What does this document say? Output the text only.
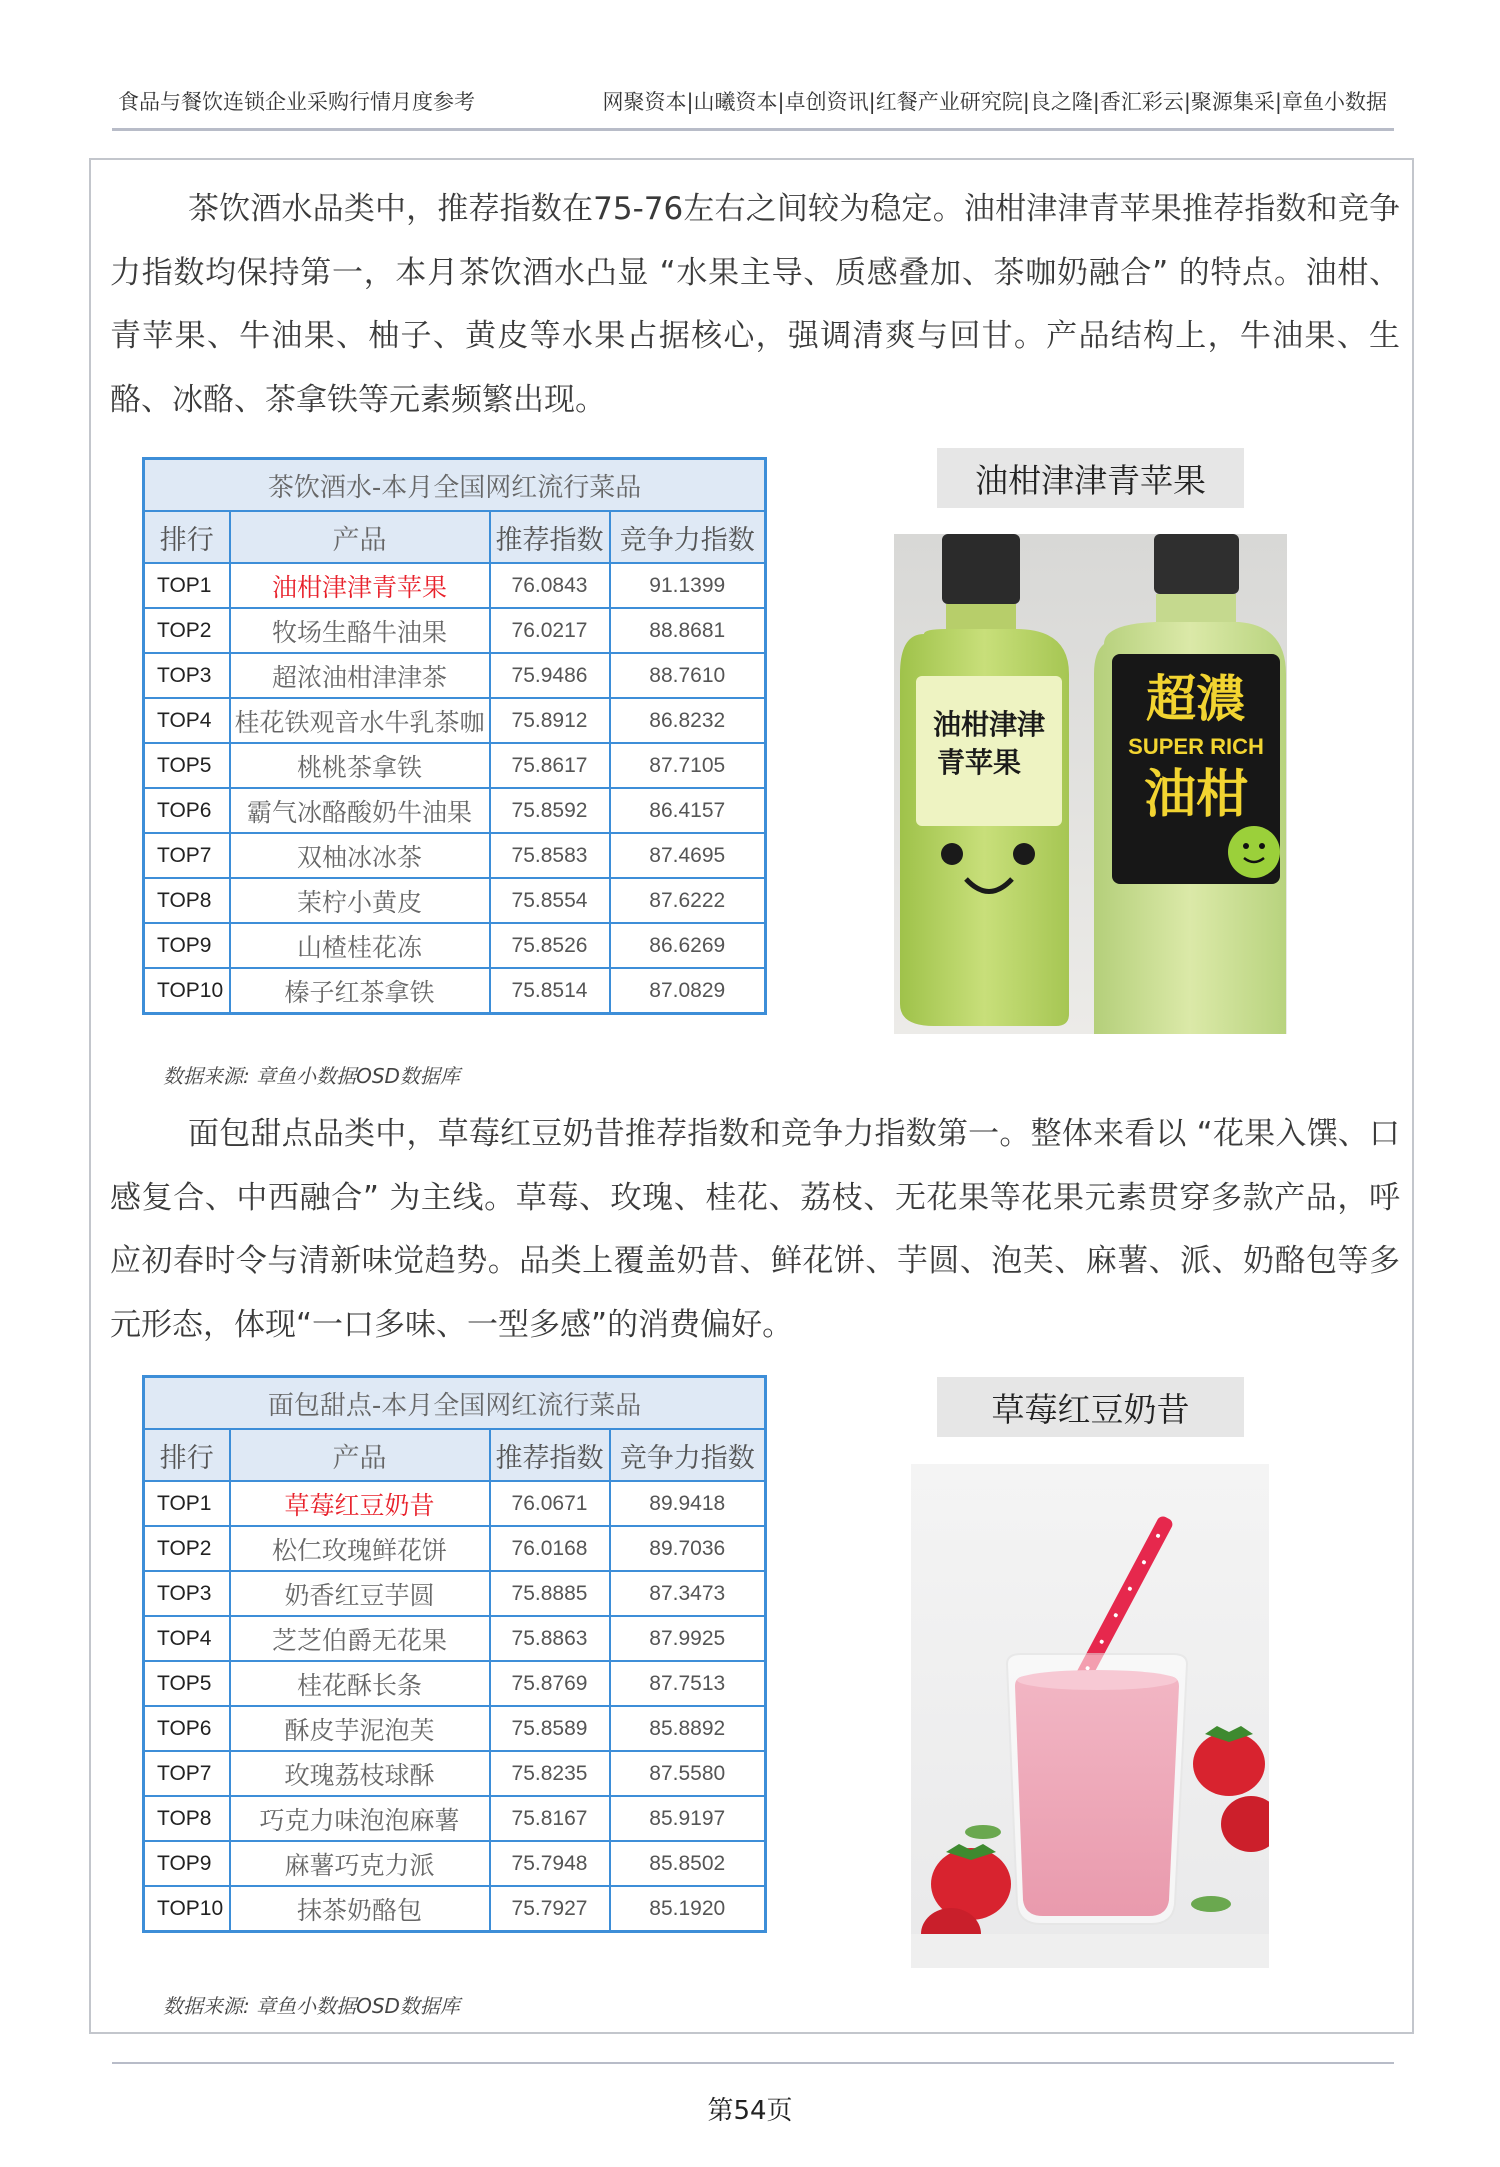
食品与餐饮连锁企业采购行情月度参考	网聚资本|山曦资本|卓创资讯|红餐产业研究院|良之隆|香汇彩云|聚源集采|章鱼小数据

茶饮酒水品类中，推荐指数在75-76左右之间较为稳定。油柑津津青苹果推荐指数和竞争力指数均保持第一，本月茶饮酒水凸显 “水果主导、质感叠加、茶咖奶融合” 的特点。油柑、青苹果、牛油果、柚子、黄皮等水果占据核心，强调清爽与回甘。产品结构上，牛油果、生酪、冰酪、茶拿铁等元素频繁出现。

茶饮酒水-本月全国网红流行菜品			
排行	产品	推荐指数	竞争力指数
TOP1	油柑津津青苹果	76.0843	91.1399
TOP2	牧场生酪牛油果	76.0217	88.8681
TOP3	超浓油柑津津茶	75.9486	88.7610
TOP4	桂花铁观音水牛乳茶咖	75.8912	86.8232
TOP5	桃桃茶拿铁	75.8617	87.7105
TOP6	霸气冰酪酸奶牛油果	75.8592	86.4157
TOP7	双柚冰冰茶	75.8583	87.4695
TOP8	茉柠小黄皮	75.8554	87.6222
TOP9	山楂桂花冻	75.8526	86.6269
TOP10	榛子红茶拿铁	75.8514	87.0829
数据来源: 章鱼小数据OSD数据库
油柑津津青苹果
油柑津津
青苹果
超濃
SUPER RICH
油柑

面包甜点品类中，草莓红豆奶昔推荐指数和竞争力指数第一。整体来看以 “花果入馔、口感复合、中西融合” 为主线。草莓、玫瑰、桂花、荔枝、无花果等花果元素贯穿多款产品，呼应初春时令与清新味觉趋势。品类上覆盖奶昔、鲜花饼、芋圆、泡芙、麻薯、派、奶酪包等多元形态，体现“一口多味、一型多感”的消费偏好。

面包甜点-本月全国网红流行菜品			
排行	产品	推荐指数	竞争力指数
TOP1	草莓红豆奶昔	76.0671	89.9418
TOP2	松仁玫瑰鲜花饼	76.0168	89.7036
TOP3	奶香红豆芋圆	75.8885	87.3473
TOP4	芝芝伯爵无花果	75.8863	87.9925
TOP5	桂花酥长条	75.8769	87.7513
TOP6	酥皮芋泥泡芙	75.8589	85.8892
TOP7	玫瑰荔枝球酥	75.8235	87.5580
TOP8	巧克力味泡泡麻薯	75.8167	85.9197
TOP9	麻薯巧克力派	75.7948	85.8502
TOP10	抹茶奶酪包	75.7927	85.1920
数据来源: 章鱼小数据OSD数据库
草莓红豆奶昔
第54页
